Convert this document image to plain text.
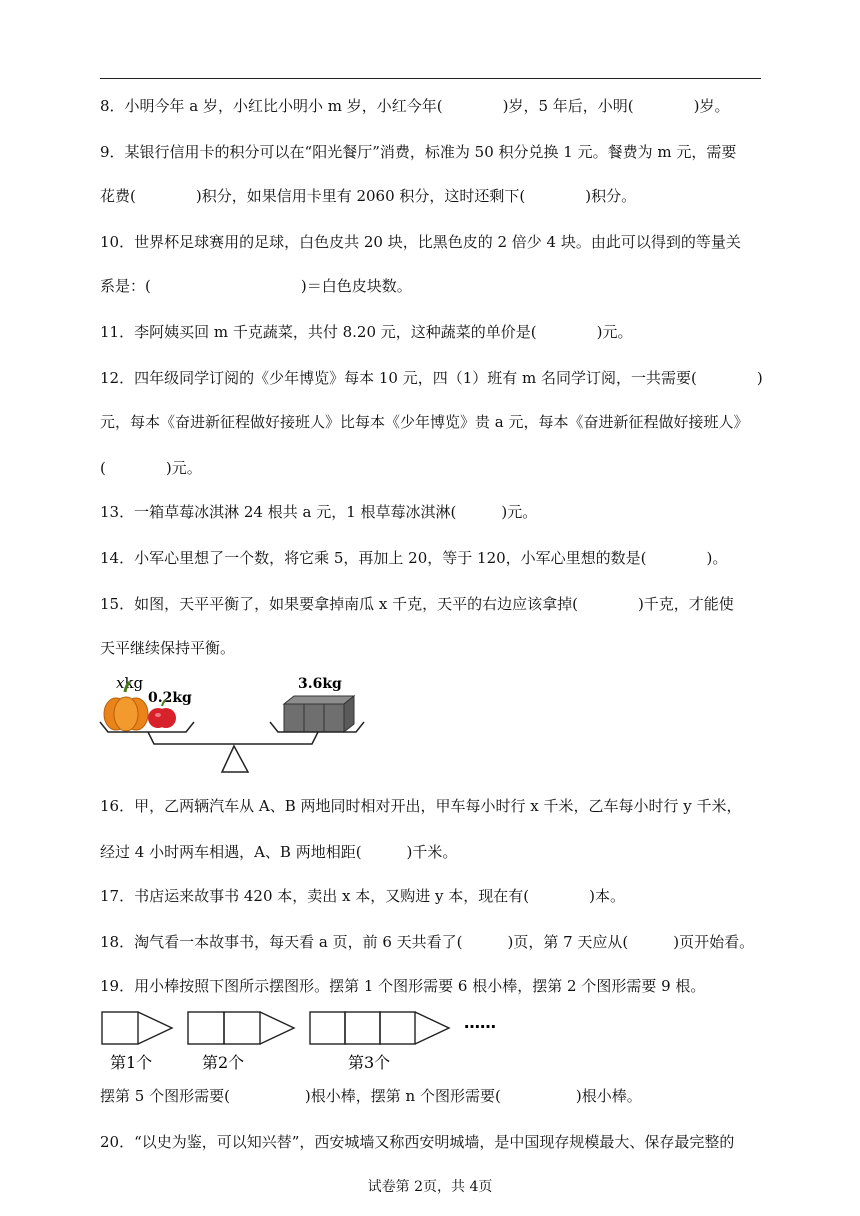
8．小明今年 a 岁，小红比小明小 m 岁，小红今年(　　　　)岁，5 年后，小明(　　　　)岁。
9．某银行信用卡的积分可以在“阳光餐厅”消费，标准为 50 积分兑换 1 元。餐费为 m 元，需要
花费(　　　　)积分，如果信用卡里有 2060 积分，这时还剩下(　　　　)积分。
10．世界杯足球赛用的足球，白色皮共 20 块，比黑色皮的 2 倍少 4 块。由此可以得到的等量关
系是：(　　　　　　　　　　)＝白色皮块数。
11．李阿姨买回 m 千克蔬菜，共付 8.20 元，这种蔬菜的单价是(　　　　)元。
12．四年级同学订阅的《少年博览》每本 10 元，四（1）班有 m 名同学订阅，一共需要(　　　　)
元，每本《奋进新征程做好接班人》比每本《少年博览》贵 a 元，每本《奋进新征程做好接班人》
(　　　　)元。
13．一箱草莓冰淇淋 24 根共 a 元，1 根草莓冰淇淋(　　　)元。
14．小军心里想了一个数，将它乘 5，再加上 20，等于 120，小军心里想的数是(　　　　)。
15．如图，天平平衡了，如果要拿掉南瓜 x 千克，天平的右边应该拿掉(　　　　)千克，才能使
天平继续保持平衡。
xkg
0.2kg
3.6kg
16．甲，乙两辆汽车从 A、B 两地同时相对开出，甲车每小时行 x 千米，乙车每小时行 y 千米，
经过 4 小时两车相遇，A、B 两地相距(　　　)千米。
17．书店运来故事书 420 本，卖出 x 本，又购进 y 本，现在有(　　　　)本。
18．淘气看一本故事书，每天看 a 页，前 6 天共看了(　　　)页，第 7 天应从(　　　)页开始看。
19．用小棒按照下图所示摆图形。摆第 1 个图形需要 6 根小棒，摆第 2 个图形需要 9 根。
……
第1个	第2个	第3个
摆第 5 个图形需要(　　　　　)根小棒，摆第 n 个图形需要(　　　　　)根小棒。
20．“以史为鉴，可以知兴替”，西安城墙又称西安明城墙，是中国现存规模最大、保存最完整的
试卷第 2页，共 4页
